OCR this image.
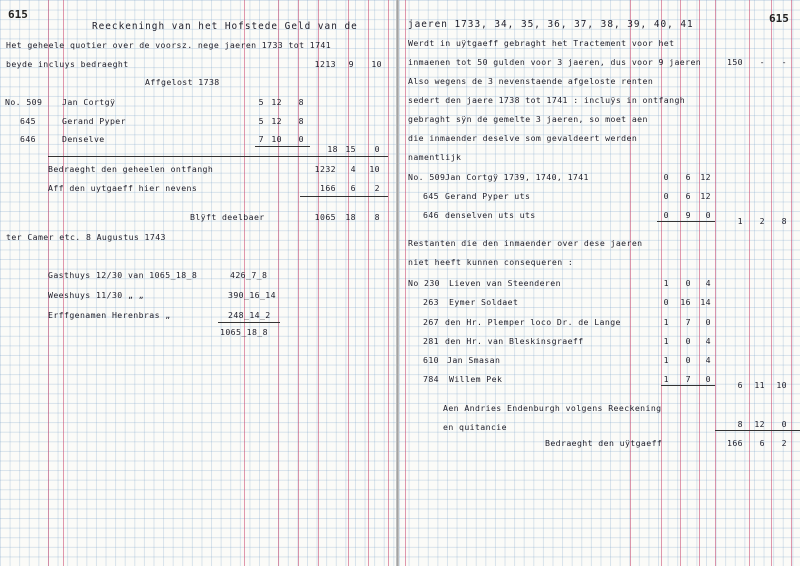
615
Reeckeningh van het Hofstede Geld van de
Het geheele quotier over de voorsz. nege jaeren 1733 tot 1741
beyde incluys bedraeght	1213	9	10
Affgelost 1738
No. 509 Jan Cortgÿ	5 12	8
645	Gerand Pyper	5 12	8
646	Denselve	7 10	0
18 15	0
Bedraeght den geheelen ontfangh	1232	4	10
Aff den uytgaeff hier nevens	166	6	2
Blÿft deelbaer	1065	18	8
ter Camer etc. 8 Augustus 1743
Gasthuys 12/30 van 1065_18_8	426_7_8
Weeshuys 11/30 „ „	390_16_14
Erffgenamen Herenbras „	248_14_2
1065_18_8
615
jaeren 1733, 34, 35, 36, 37, 38, 39, 40, 41
Werdt in uÿtgaeff gebraght het Tractement voor het
inmaenen tot 50 gulden voor 3 jaeren, dus voor 9 jaeren	150	-	-
Also wegens de 3 nevenstaende afgeloste renten
sedert den jaere 1738 tot 1741 : incluÿs in ontfangh
gebraght sÿn de gemelte 3 jaeren, so moet aen
die inmaender deselve som gevaldeert werden
namentlijk
No. 509 Jan Cortgÿ 1739, 1740, 1741	0	6	12
645 Gerand Pyper uts	0	6	12
646 denselven uts uts	0	9	0
1	2	8
Restanten die den inmaender over dese jaeren
niet heeft kunnen consequeren :
No 230 Lieven van Steenderen	1	0	4
263 Eymer Soldaet	0 16	14
267 den Hr. Plemper loco Dr. de Lange	1	7	0
281 den Hr. van Bleskinsgraeff	1	0	4
610 Jan Smasan	1	0	4
784 Willem Pek	1	7	0
6	11	10
Aen Andries Endenburgh volgens Reeckening
en quitancie	8	12	0
Bedraeght den uÿtgaeff	166	6	2
